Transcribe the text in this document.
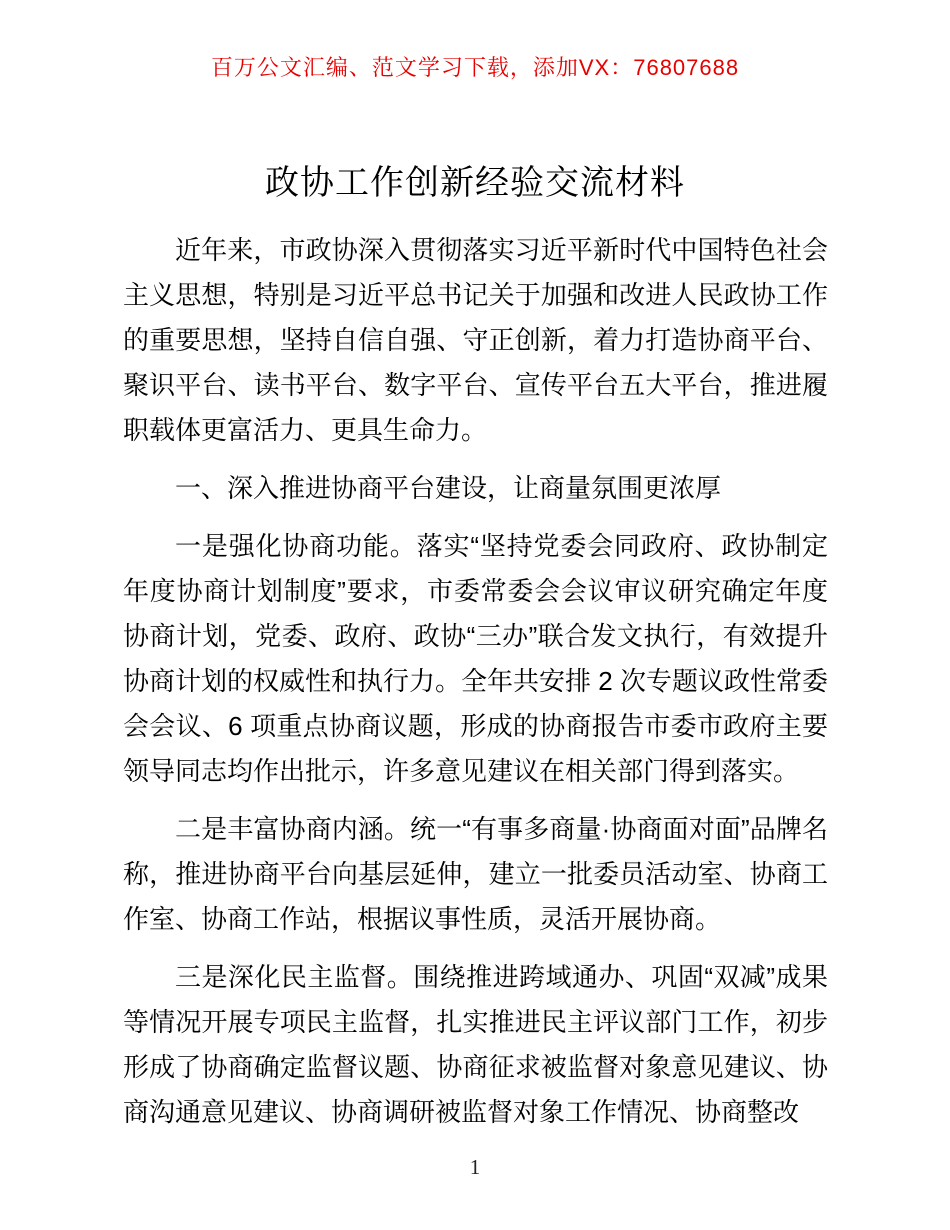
百万公文汇编、范文学习下载，添加VX：76807688
政协工作创新经验交流材料

近年来，市政协深入贯彻落实习近平新时代中国特色社会主义思想，特别是习近平总书记关于加强和改进人民政协工作的重要思想，坚持自信自强、守正创新，着力打造协商平台、聚识平台、读书平台、数字平台、宣传平台五大平台，推进履职载体更富活力、更具生命力。

一、深入推进协商平台建设，让商量氛围更浓厚

一是强化协商功能。落实“坚持党委会同政府、政协制定年度协商计划制度”要求，市委常委会会议审议研究确定年度协商计划，党委、政府、政协“三办”联合发文执行，有效提升协商计划的权威性和执行力。全年共安排 2 次专题议政性常委会会议、6 项重点协商议题，形成的协商报告市委市政府主要领导同志均作出批示，许多意见建议在相关部门得到落实。

二是丰富协商内涵。统一“有事多商量·协商面对面”品牌名称，推进协商平台向基层延伸，建立一批委员活动室、协商工作室、协商工作站，根据议事性质，灵活开展协商。

三是深化民主监督。围绕推进跨域通办、巩固“双减”成果等情况开展专项民主监督，扎实推进民主评议部门工作，初步形成了协商确定监督议题、协商征求被监督对象意见建议、协商沟通意见建议、协商调研被监督对象工作情况、协商整改

1
